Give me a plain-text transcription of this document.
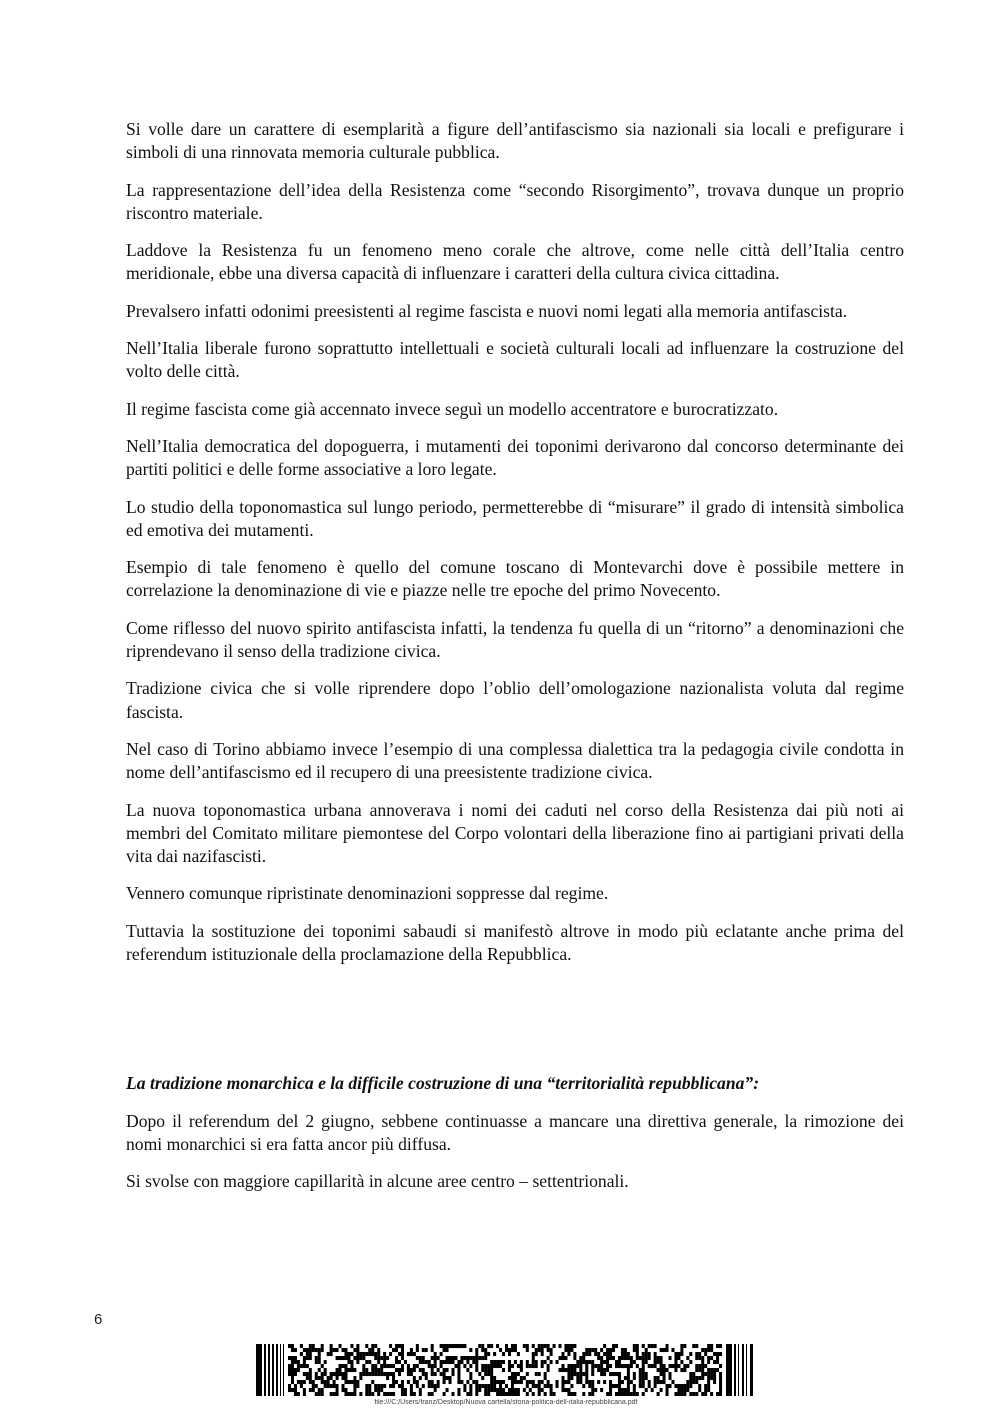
Si volle dare un carattere di esemplarità a figure dell’antifascismo sia nazionali sia locali e prefigurare i simboli di una rinnovata memoria culturale pubblica.

La rappresentazione dell’idea della Resistenza come “secondo Risorgimento”, trovava dunque un proprio riscontro materiale.

Laddove la Resistenza fu un fenomeno meno corale che altrove, come nelle città dell’Italia centro meridionale, ebbe una diversa capacità di influenzare i caratteri della cultura civica cittadina.

Prevalsero infatti odonimi preesistenti al regime fascista e nuovi nomi legati alla memoria antifascista.

Nell’Italia liberale furono soprattutto intellettuali e società culturali locali ad influenzare la costruzione del volto delle città.

Il regime fascista come già accennato invece seguì un modello accentratore e burocratizzato.

Nell’Italia democratica del dopoguerra, i mutamenti dei toponimi derivarono dal concorso determinante dei partiti politici e delle forme associative a loro legate.

Lo studio della toponomastica sul lungo periodo, permetterebbe di “misurare” il grado di intensità simbolica ed emotiva dei mutamenti.

Esempio di tale fenomeno è quello del comune toscano di Montevarchi dove è possibile mettere in correlazione la denominazione di vie e piazze nelle tre epoche del primo Novecento.

Come riflesso del nuovo spirito antifascista infatti, la tendenza fu quella di un “ritorno” a denominazioni che riprendevano il senso della tradizione civica.

Tradizione civica che si volle riprendere dopo l’oblio dell’omologazione nazionalista voluta dal regime fascista.

Nel caso di Torino abbiamo invece l’esempio di una complessa dialettica tra la pedagogia civile condotta in nome dell’antifascismo ed il recupero di una preesistente tradizione civica.

La nuova toponomastica urbana annoverava i nomi dei caduti nel corso della Resistenza dai più noti ai membri del Comitato militare piemontese del Corpo volontari della liberazione fino ai partigiani privati della vita dai nazifascisti.

Vennero comunque ripristinate denominazioni soppresse dal regime.

Tuttavia la sostituzione dei toponimi sabaudi si manifestò altrove in modo più eclatante anche prima del referendum istituzionale della proclamazione della Repubblica.

La tradizione monarchica e la difficile costruzione di una “territorialità repubblicana”:

Dopo il referendum del 2 giugno, sebbene continuasse a mancare una direttiva generale, la rimozione dei nomi monarchici si era fatta ancor più diffusa.

Si svolse con maggiore capillarità in alcune aree centro – settentrionali.

6
file:///C:/Users/franz/Desktop/Nuova cartella/storia-politica-dell-italia-repubblicana.pdf
